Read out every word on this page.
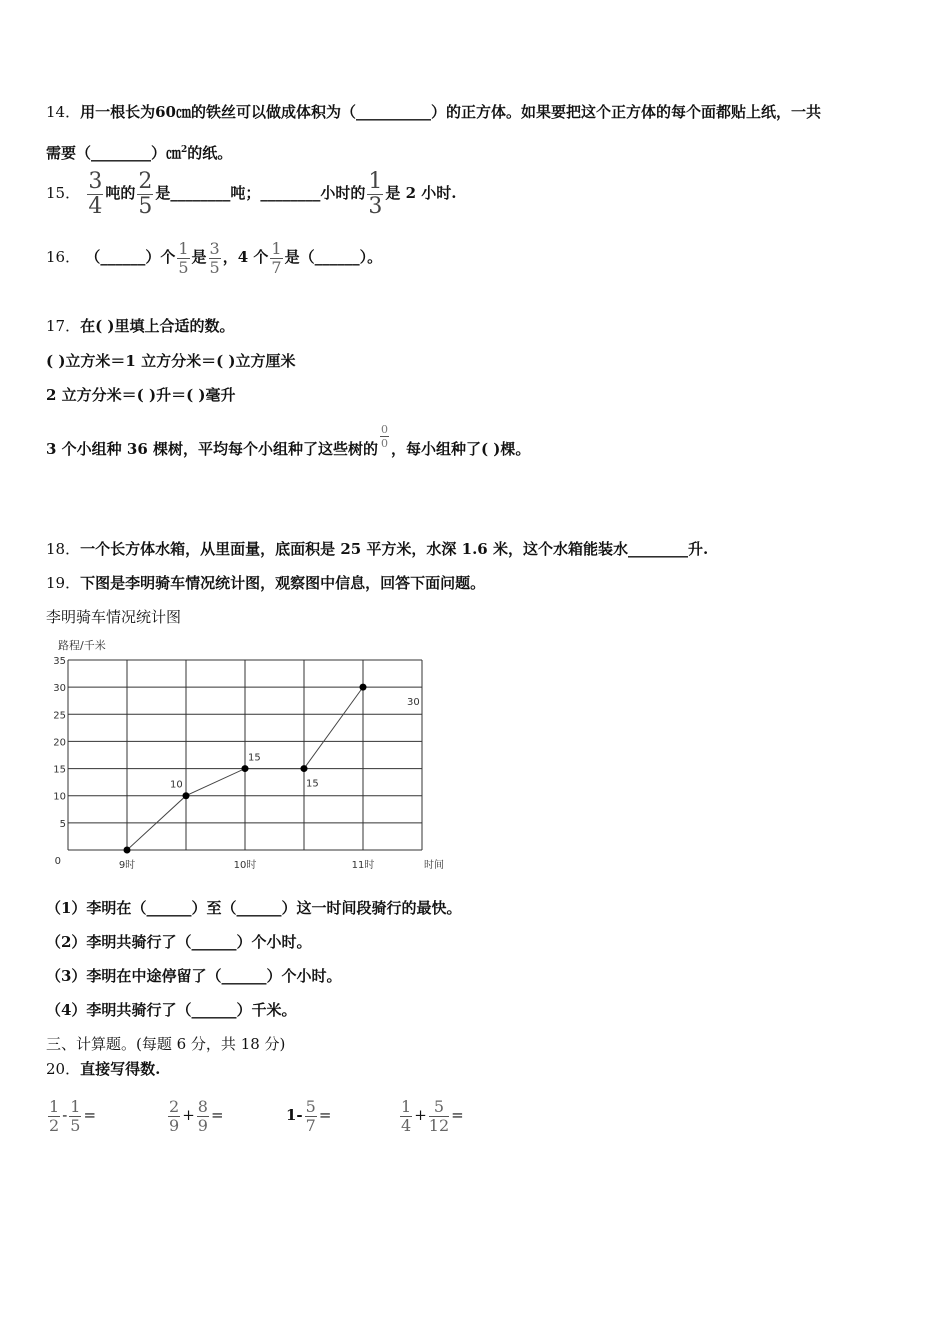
14．用一根长为60㎝的铁丝可以做成体积为（__________）的正方体。如果要把这个正方体的每个面都贴上纸，一共
需要（________）㎝$^2$的纸。
15． $\frac{3}{4}$ 吨的 $\frac{2}{5}$ 是________吨；________小时的 $\frac{1}{3}$ 是 2 小时.
16． （______）个 $\frac{1}{5}$ 是 $\frac{3}{5}$ ，4 个 $\frac{1}{7}$ 是（______）。
17．在( )里填上合适的数。
( )立方米＝1 立方分米＝( )立方厘米
2 立方分米＝( )升＝( )毫升
3 个小组种 36 棵树，平均每个小组种了这些树的 $\frac{0}{0}$ ，每小组种了( )棵。
18．一个长方体水箱，从里面量，底面积是 25 平方米，水深 1.6 米，这个水箱能装水________升.
19．下图是李明骑车情况统计图，观察图中信息，回答下面问题。
李明骑车情况统计图
0
5
10
15
20
25
30
35
路程/千米
9时	10时	11时	时间
10
15
15
30
（1）李明在（______）至（______）这一时间段骑行的最快。
（2）李明共骑行了（______）个小时。
（3）李明在中途停留了（______）个小时。
（4）李明共骑行了（______）千米。
三、计算题。(每题 6 分，共 18 分)
20．直接写得数.
$\frac{1}{2} - \frac{1}{5}$ =	$\frac{2}{9} + \frac{8}{9}$ =	$1- \frac{5}{7}$ =	$\frac{1}{4} + \frac{5}{12}$ =
